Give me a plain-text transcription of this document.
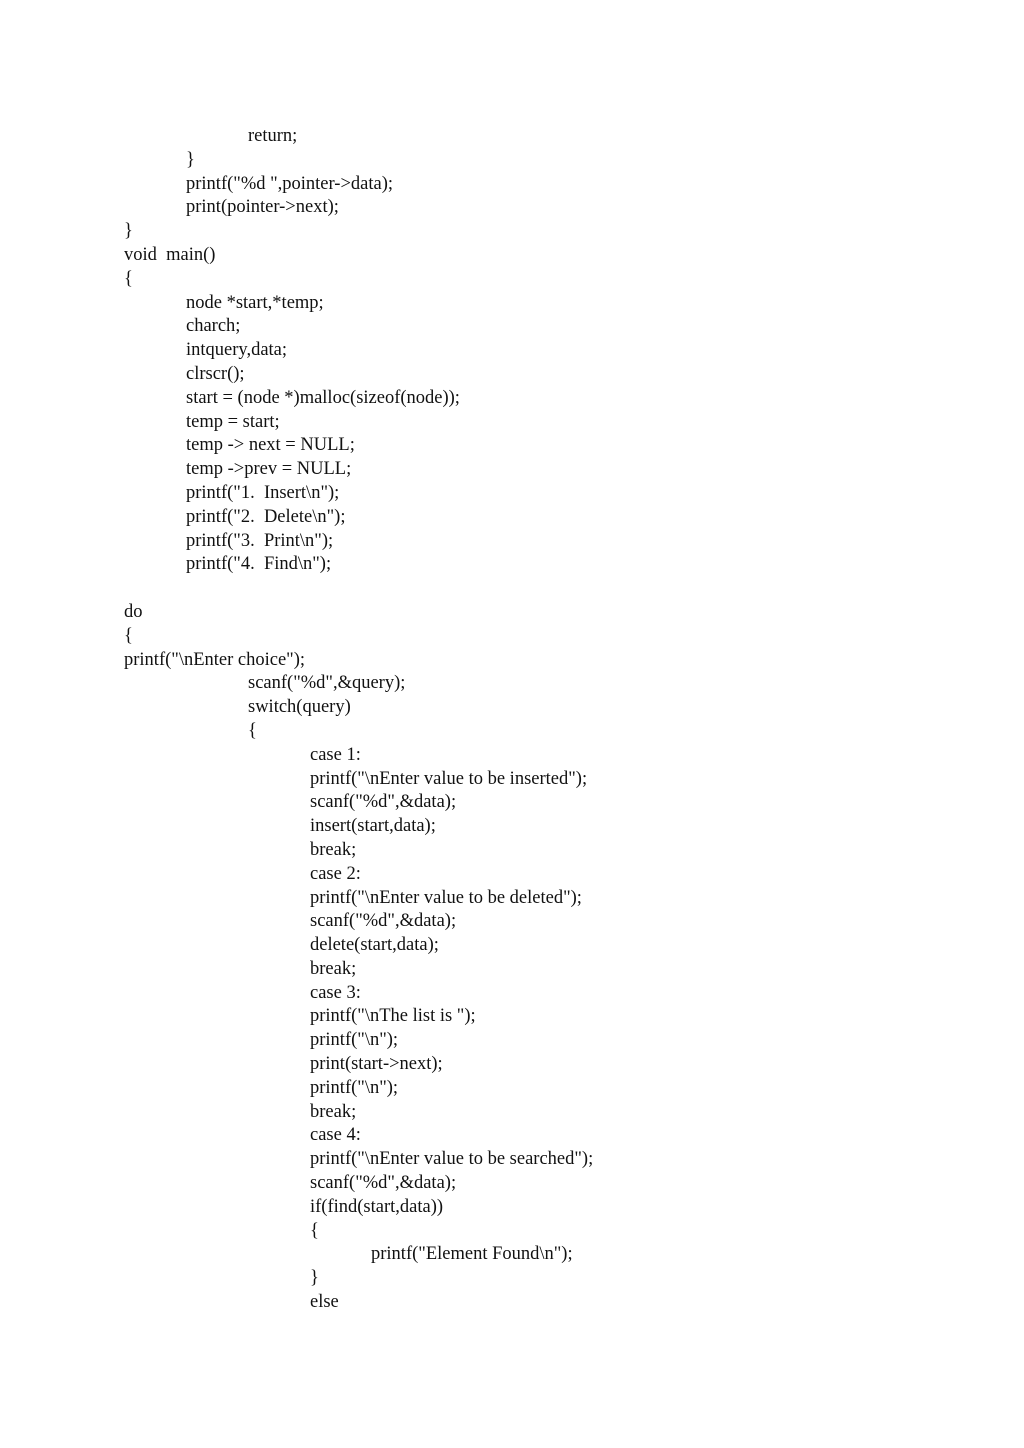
return;
}
printf("%d ",pointer->data);
print(pointer->next);
}
void  main()
{
node *start,*temp;
charch;
intquery,data;
clrscr();
start = (node *)malloc(sizeof(node));
temp = start;
temp -> next = NULL;
temp ->prev = NULL;
printf("1.  Insert\n");
printf("2.  Delete\n");
printf("3.  Print\n");
printf("4.  Find\n");
do
{
printf("\nEnter choice");
scanf("%d",&query);
switch(query)
{
case 1:
printf("\nEnter value to be inserted");
scanf("%d",&data);
insert(start,data);
break;
case 2:
printf("\nEnter value to be deleted");
scanf("%d",&data);
delete(start,data);
break;
case 3:
printf("\nThe list is ");
printf("\n");
print(start->next);
printf("\n");
break;
case 4:
printf("\nEnter value to be searched");
scanf("%d",&data);
if(find(start,data))
{
printf("Element Found\n");
}
else
